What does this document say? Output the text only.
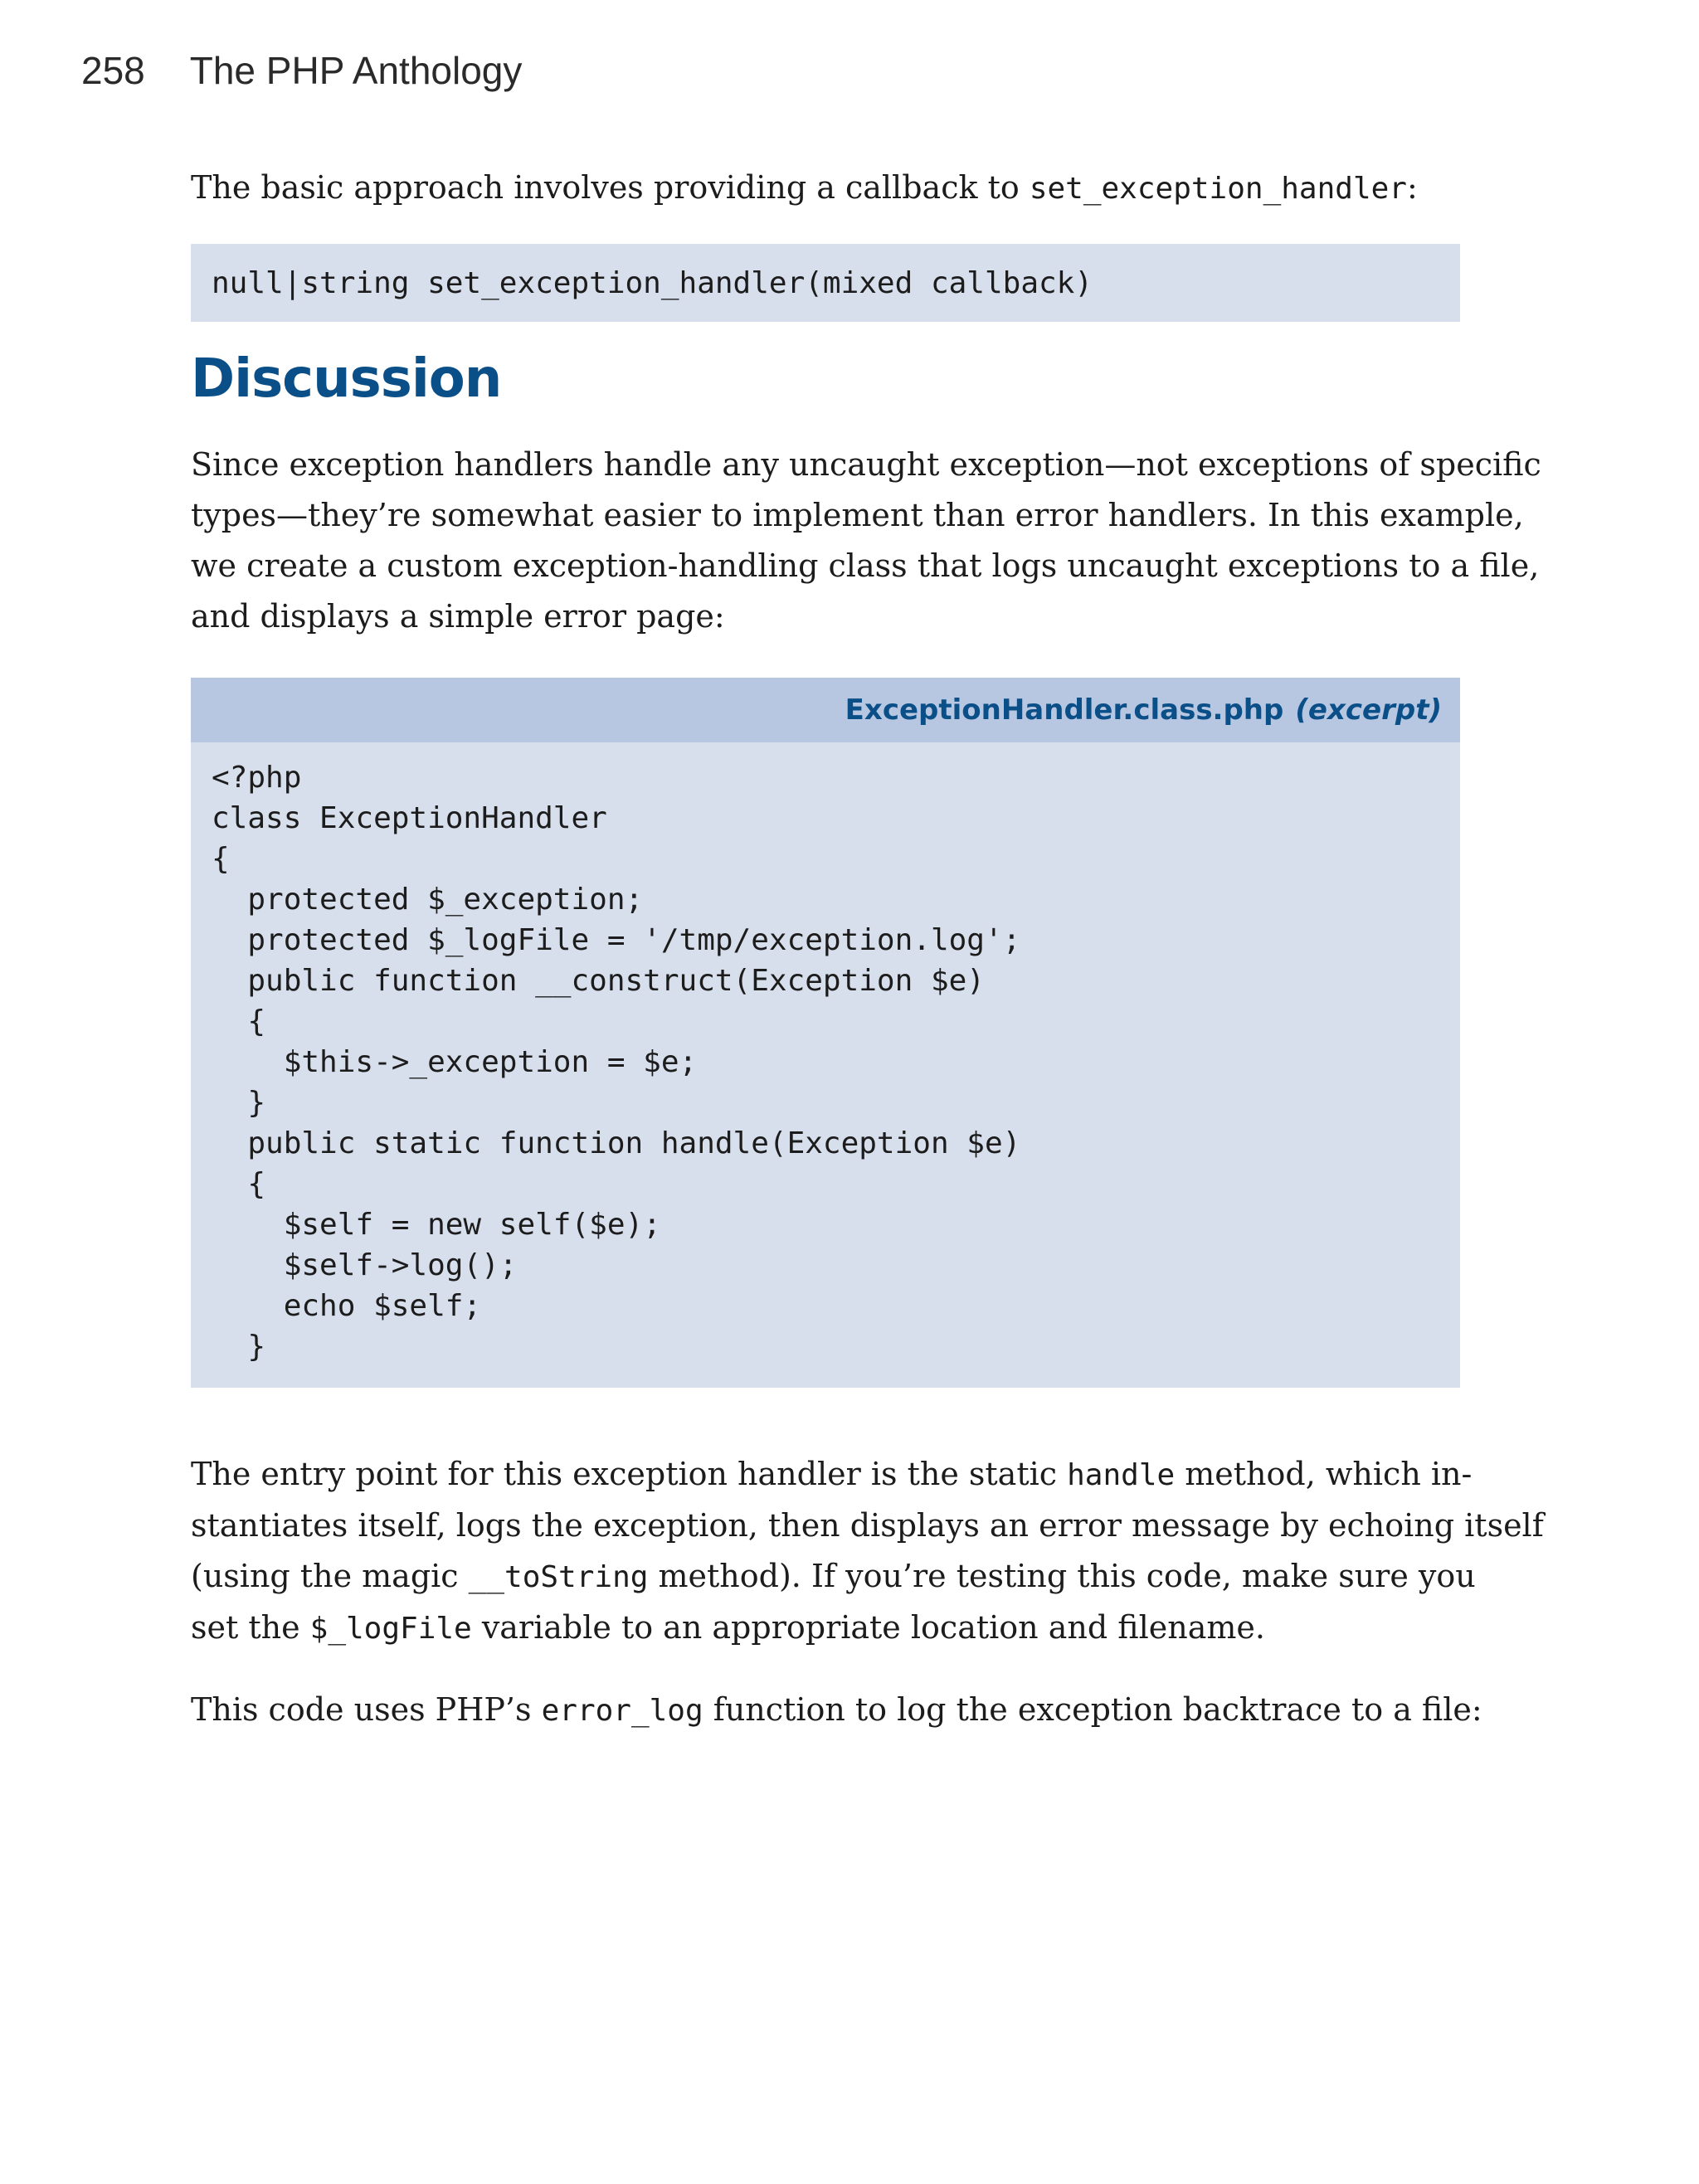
258 The PHP Anthology

The basic approach involves providing a callback to set_exception_handler:

null|string set_exception_handler(mixed callback)
Discussion

Since exception handlers handle any uncaught exception—not exceptions of specific
types—they’re somewhat easier to implement than error handlers. In this example,
we create a custom exception-handling class that logs uncaught exceptions to a file,
and displays a simple error page:

ExceptionHandler.class.php (excerpt)
<?php
class ExceptionHandler
{
protected $_exception;
protected $_logFile = '/tmp/exception.log';
public function __construct(Exception $e)
{
$this->_exception = $e;
}
public static function handle(Exception $e)
{
$self = new self($e);
$self->log();
echo $self;
}

The entry point for this exception handler is the static handle method, which in-
stantiates itself, logs the exception, then displays an error message by echoing itself
(using the magic __toString method). If you’re testing this code, make sure you
set the $_logFile variable to an appropriate location and filename.

This code uses PHP’s error_log function to log the exception backtrace to a file:
